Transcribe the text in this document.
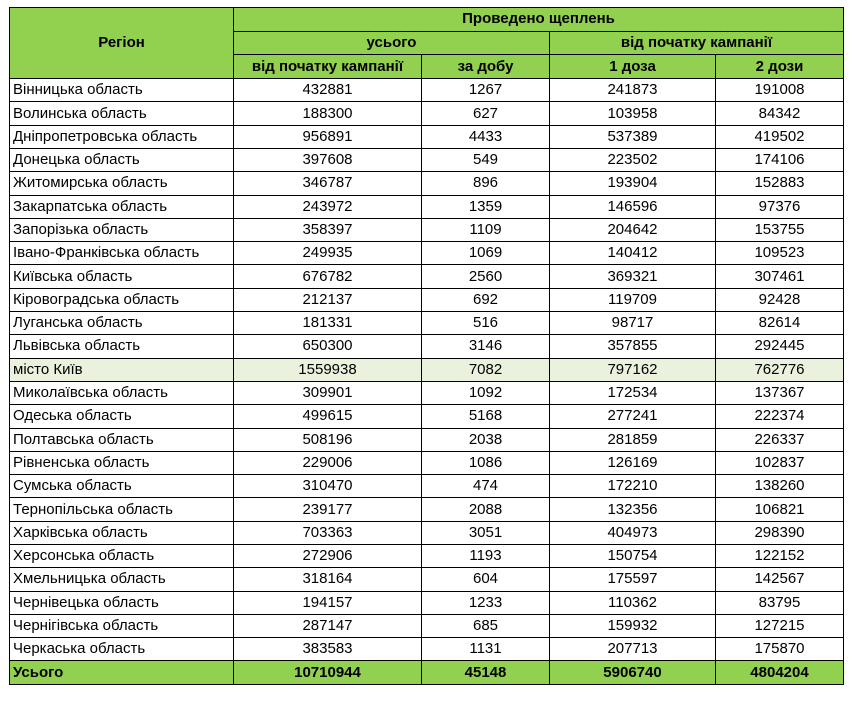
Регіон	Проведено щеплень			
	усього		від початку кампанії	
	від початку кампанії	за добу	1 доза	2 дози
Вінницька область	432881	1267	241873	191008
Волинська область	188300	627	103958	84342
Дніпропетровська область	956891	4433	537389	419502
Донецька область	397608	549	223502	174106
Житомирська область	346787	896	193904	152883
Закарпатська область	243972	1359	146596	97376
Запорізька область	358397	1109	204642	153755
Івано-Франківська область	249935	1069	140412	109523
Київська область	676782	2560	369321	307461
Кіровоградська область	212137	692	119709	92428
Луганська область	181331	516	98717	82614
Львівська область	650300	3146	357855	292445
місто Київ	1559938	7082	797162	762776
Миколаївська область	309901	1092	172534	137367
Одеська область	499615	5168	277241	222374
Полтавська область	508196	2038	281859	226337
Рівненська область	229006	1086	126169	102837
Сумська область	310470	474	172210	138260
Тернопільська область	239177	2088	132356	106821
Харківська область	703363	3051	404973	298390
Херсонська область	272906	1193	150754	122152
Хмельницька область	318164	604	175597	142567
Чернівецька область	194157	1233	110362	83795
Чернігівська область	287147	685	159932	127215
Черкаська область	383583	1131	207713	175870
Усього	10710944	45148	5906740	4804204
